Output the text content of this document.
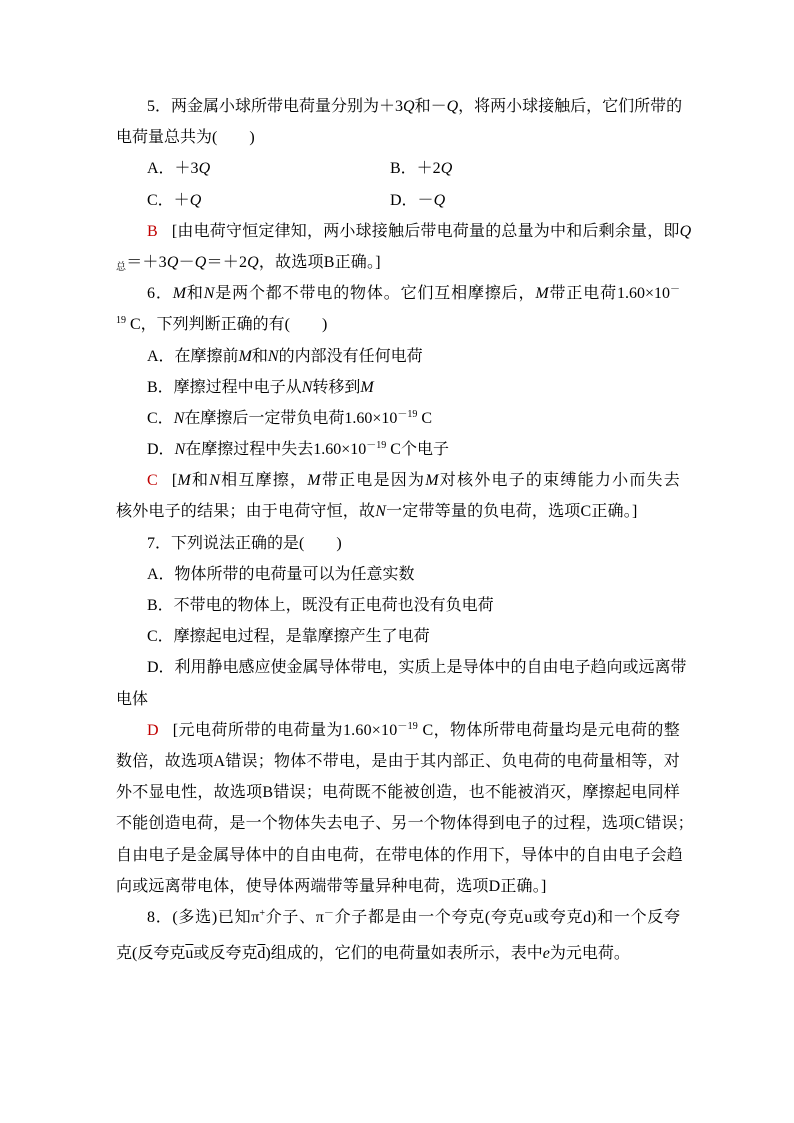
5．两金属小球所带电荷量分别为＋3Q和－Q，将两小球接触后，它们所带的
电荷量总共为(　　)
A．＋3Q	B．＋2Q
C．＋Q	D．－Q
B [由电荷守恒定律知，两小球接触后带电荷量的总量为中和后剩余量，即Q
$_总$＝＋3Q－Q＝＋2Q，故选项B正确。]
6．M和N是两个都不带电的物体。它们互相摩擦后，M带正电荷1.60×10－
$^{19}$ C，下列判断正确的有(　　)
A．在摩擦前M和N的内部没有任何电荷
B．摩擦过程中电子从N转移到M
C．N在摩擦后一定带负电荷$1.60\times 10^{-19}$ C
D．N在摩擦过程中失去$1.60\times 10^{-19}$ C个电子
C [M和N相互摩擦，M带正电是因为M对核外电子的束缚能力小而失去
核外电子的结果；由于电荷守恒，故N一定带等量的负电荷，选项C正确。]
7．下列说法正确的是(　　)
A．物体所带的电荷量可以为任意实数
B．不带电的物体上，既没有正电荷也没有负电荷
C．摩擦起电过程，是靠摩擦产生了电荷
D．利用静电感应使金属导体带电，实质上是导体中的自由电子趋向或远离带
电体
D [元电荷所带的电荷量为$1.60\times 10^{-19}$ C，物体所带电荷量均是元电荷的整
数倍，故选项A错误；物体不带电，是由于其内部正、负电荷的电荷量相等，对
外不显电性，故选项B错误；电荷既不能被创造，也不能被消灭，摩擦起电同样
不能创造电荷，是一个物体失去电子、另一个物体得到电子的过程，选项C错误；
自由电子是金属导体中的自由电荷，在带电体的作用下，导体中的自由电子会趋
向或远离带电体，使导体两端带等量异种电荷，选项D正确。]
8．(多选)已知π+介子、π－介子都是由一个夸克(夸克u或夸克d)和一个反夸
克(反夸克$\overline{u}$或反夸克$\overline{d}$)组成的，它们的电荷量如表所示，表中e为元电荷。
